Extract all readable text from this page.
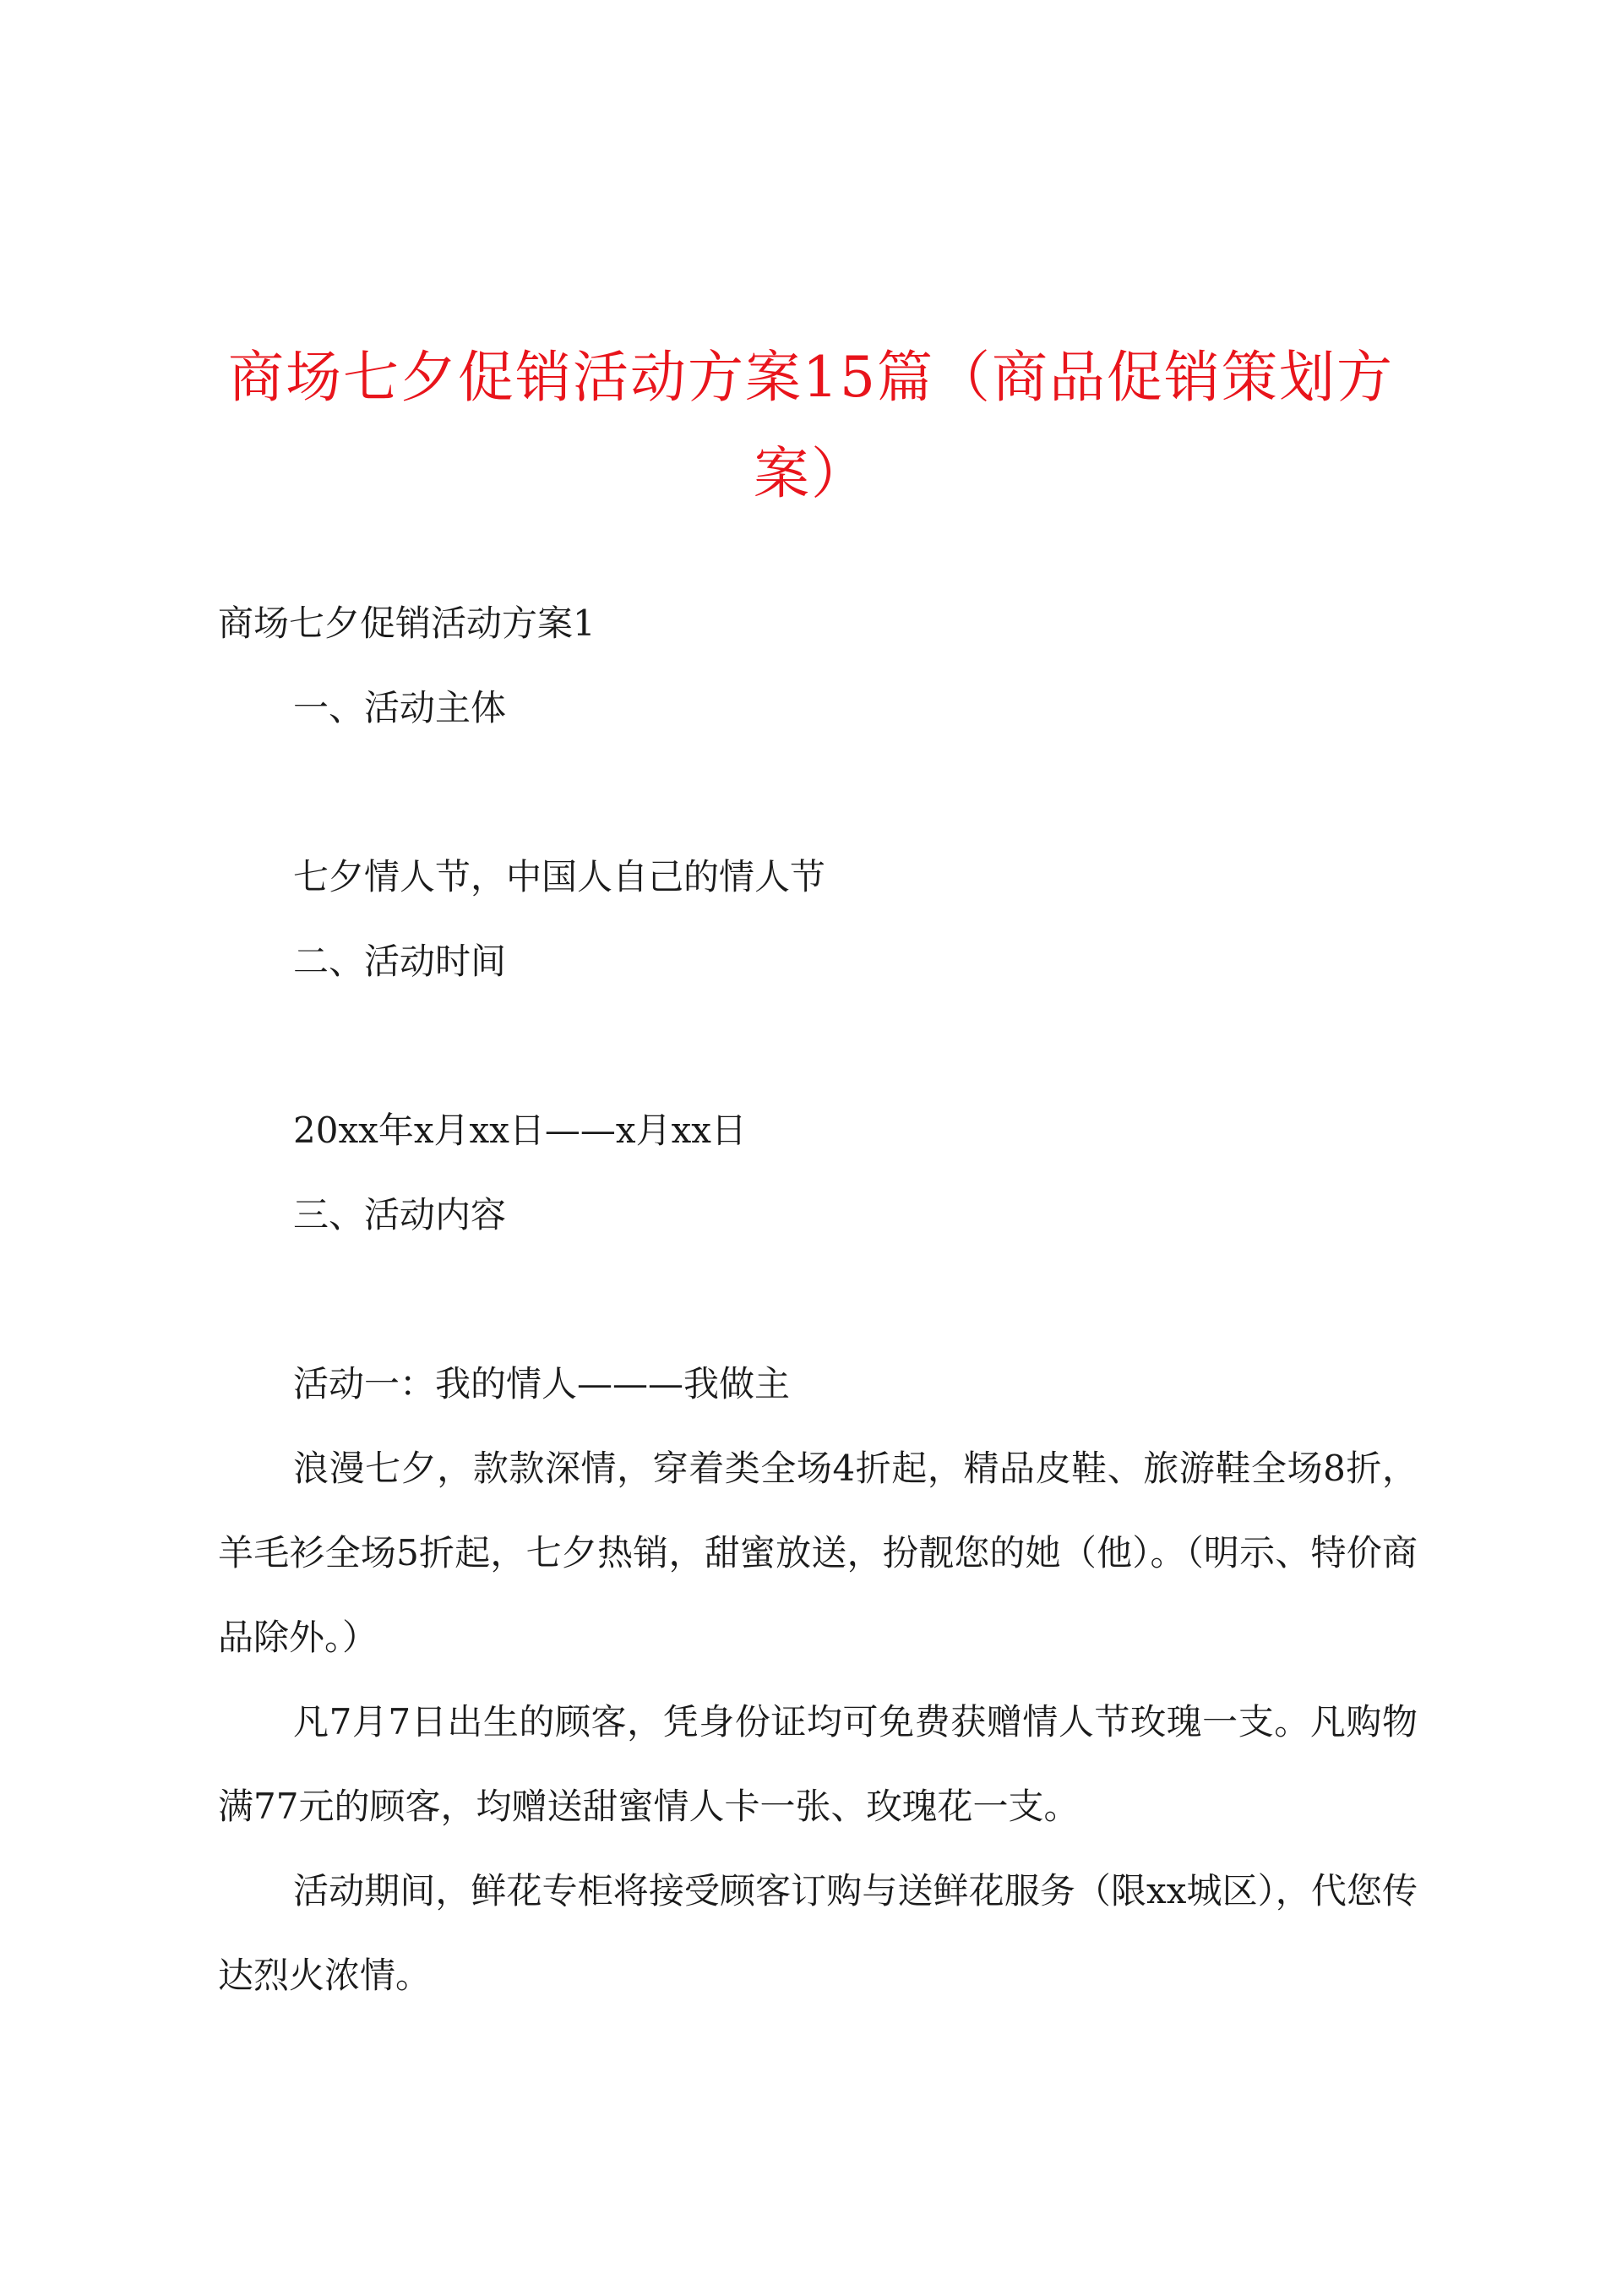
商场七夕促销活动方案15篇（商品促销策划方案）

商场七夕促销活动方案1

一、活动主体

七夕情人节，中国人自己的情人节

二、活动时间

20xx年x月xx日——x月xx日

三、活动内容

活动一：我的情人———我做主

浪漫七夕，款款深情，穿着类全场4折起，精品皮鞋、旅游鞋全场8折，羊毛衫全场5折起，七夕热销，甜蜜放送，扮靓您的她（他）。（明示、特价商品除外。）

凡7月7日出生的顾客，凭身份证均可免费获赠情人节玫瑰一支。凡购物满77元的顾客，均赠送甜蜜情人卡一张、玫瑰花一支。

活动期间，鲜花专柜将接受顾客订购与送鲜花服务（限xx城区），代您传达烈火浓情。
